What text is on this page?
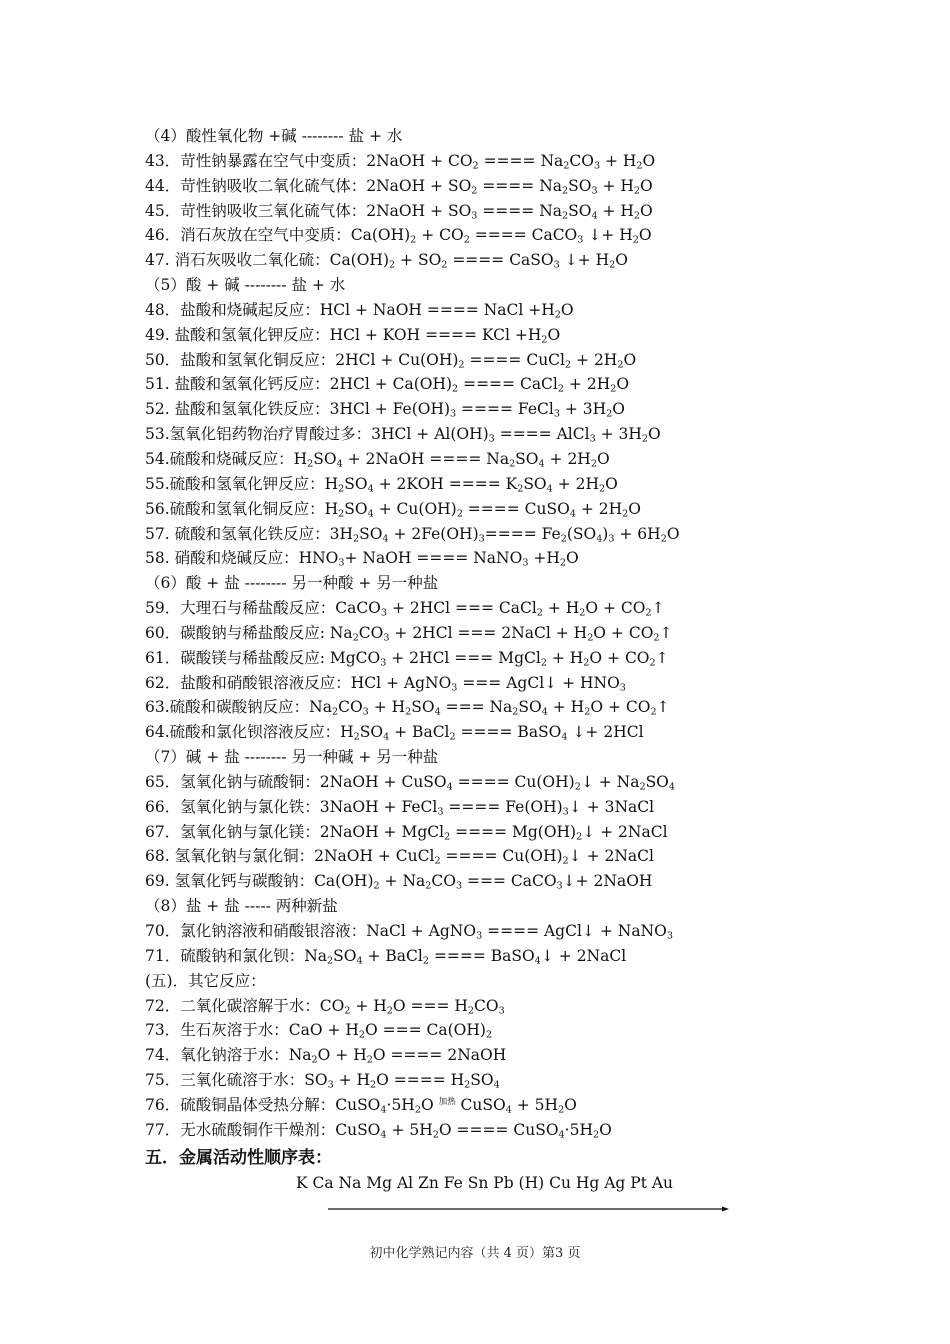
（4）酸性氧化物 +碱 -------- 盐 + 水
43．苛性钠暴露在空气中变质：2NaOH + $CO_2$ ==== $Na_2CO_3 + H_2O$
44．苛性钠吸收二氧化硫气体：2NaOH + $SO_2$ ==== $Na_2SO_3 + H_2O$
45．苛性钠吸收三氧化硫气体：2NaOH + $SO_3$ ==== $Na_2SO_4 + H_2O$
46．消石灰放在空气中变质：$Ca(OH)_2 + CO_2$ ==== CaCO$_3$ ↓+ $H_2O$
47. 消石灰吸收二氧化硫：$Ca(OH)_2 + SO_2$ ==== CaSO$_3$ ↓+ $H_2O$
（5）酸 + 碱 -------- 盐 + 水
48．盐酸和烧碱起反应：HCl + NaOH ==== NaCl $+H_2O$
49. 盐酸和氢氧化钾反应：HCl + KOH ==== KCl $+H_2O$
50．盐酸和氢氧化铜反应：$2HCl + Cu(OH)_2$ ==== CuCl$_2$ + $2H_2O$
51. 盐酸和氢氧化钙反应：$2HCl + Ca(OH)_2$ ==== CaCl$_2$ + $2H_2O$
52. 盐酸和氢氧化铁反应：$3HCl + Fe(OH)_3$ ==== FeCl$_3$ + $3H_2O$
53.氢氧化铝药物治疗胃酸过多：$3HCl + Al(OH)_3$ ==== AlCl$_3$ + $3H_2O$
54.硫酸和烧碱反应：$H_2SO_4$ + 2NaOH ==== $Na_2SO_4 + 2H_2O$
55.硫酸和氢氧化钾反应：$H_2SO_4 + 2KOH$ ==== $K_2SO_4 + 2H_2O$
56.硫酸和氢氧化铜反应：$H_2SO_4 + Cu(OH)_2$ ==== CuSO$_4$ + $2H_2O$
57. 硫酸和氢氧化铁反应：$3H_2SO_4 + 2Fe(OH)_3==== Fe_2(SO_4)_3 + 6H_2O$
58. 硝酸和烧碱反应：$HNO_3+$ NaOH ==== NaNO$_3$ $+H_2O$
（6）酸 + 盐 -------- 另一种酸 + 另一种盐
59．大理石与稀盐酸反应：CaCO$_3$ + 2HCl === CaCl$_2$ + $H_2O$ + $CO_2↑$
60．碳酸钠与稀盐酸反应: $Na_2CO_3 + 2HCl$ === 2NaCl + $H_2O$ + $CO_2↑$
61．碳酸镁与稀盐酸反应: MgCO$_3$ + 2HCl === MgCl$_2$ + $H_2O$ + $CO_2↑$
62．盐酸和硝酸银溶液反应：HCl + AgNO$_3$ === AgCl↓ + $HNO_3$
63.硫酸和碳酸钠反应：$Na_2CO_3 + H_2SO_4$ === $Na_2SO_4 + H_2O$ + $CO_2↑$
64.硫酸和氯化钡溶液反应：$H_2SO_4$ + BaCl$_2$ ==== BaSO$_4$ ↓+ 2HCl
（7）碱 + 盐 -------- 另一种碱 + 另一种盐
65．氢氧化钠与硫酸铜：2NaOH + CuSO$_4$ ==== $Cu(OH)_2↓ + Na_2SO_4$
66．氢氧化钠与氯化铁：3NaOH + FeCl$_3$ ==== $Fe(OH)_3↓$ + 3NaCl
67．氢氧化钠与氯化镁：2NaOH + MgCl$_2$ ==== $Mg(OH)_2↓$ + 2NaCl
68. 氢氧化钠与氯化铜：2NaOH + CuCl$_2$ ==== $Cu(OH)_2↓$ + 2NaCl
69. 氢氧化钙与碳酸钠：$Ca(OH)_2 + Na_2CO_3$ === CaCO$_3$↓+ 2NaOH
（8）盐 + 盐 ----- 两种新盐
70．氯化钠溶液和硝酸银溶液：NaCl + AgNO$_3$ ==== AgCl↓ + NaNO$_3$
71．硫酸钠和氯化钡：$Na_2SO_4$ + BaCl$_2$ ==== BaSO$_4$↓ + 2NaCl
(五)．其它反应：
72．二氧化碳溶解于水：$CO_2 + H_2O$ === $H_2CO_3$
73．生石灰溶于水：CaO + $H_2O$ === $Ca(OH)_2$
74．氧化钠溶于水：$Na_2O + H_2O$ ==== 2NaOH
75．三氧化硫溶于水：$SO_3 + H_2O$ ==== $H_2SO_4$
76．硫酸铜晶体受热分解：$CuSO_4\cdot 5H_2O$ $^{加热}$ CuSO$_4$ + $5H_2O$
77．无水硫酸铜作干燥剂：CuSO$_4$ + $5H_2O$ ==== $CuSO_4\cdot 5H_2O$
五．金属活动性顺序表：
K Ca Na Mg Al Zn Fe Sn Pb (H) Cu Hg Ag Pt Au
初中化学熟记内容（共 4 页）第3 页
